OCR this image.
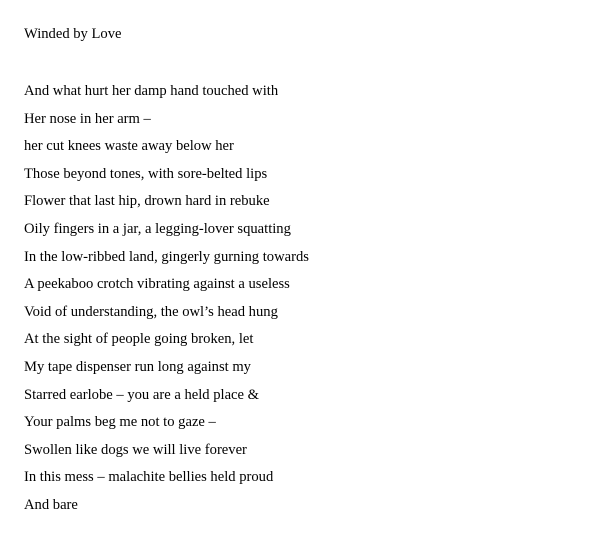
Winded by Love
And what hurt her damp hand touched with
Her nose in her arm –
her cut knees waste away below her
Those beyond tones, with sore-belted lips
Flower that last hip, drown hard in rebuke
Oily fingers in a jar, a legging-lover squatting
In the low-ribbed land, gingerly gurning towards
A peekaboo crotch vibrating against a useless
Void of understanding, the owl’s head hung
At the sight of people going broken, let
My tape dispenser run long against my
Starred earlobe – you are a held place &
Your palms beg me not to gaze –
Swollen like dogs we will live forever
In this mess – malachite bellies held proud
And bare
